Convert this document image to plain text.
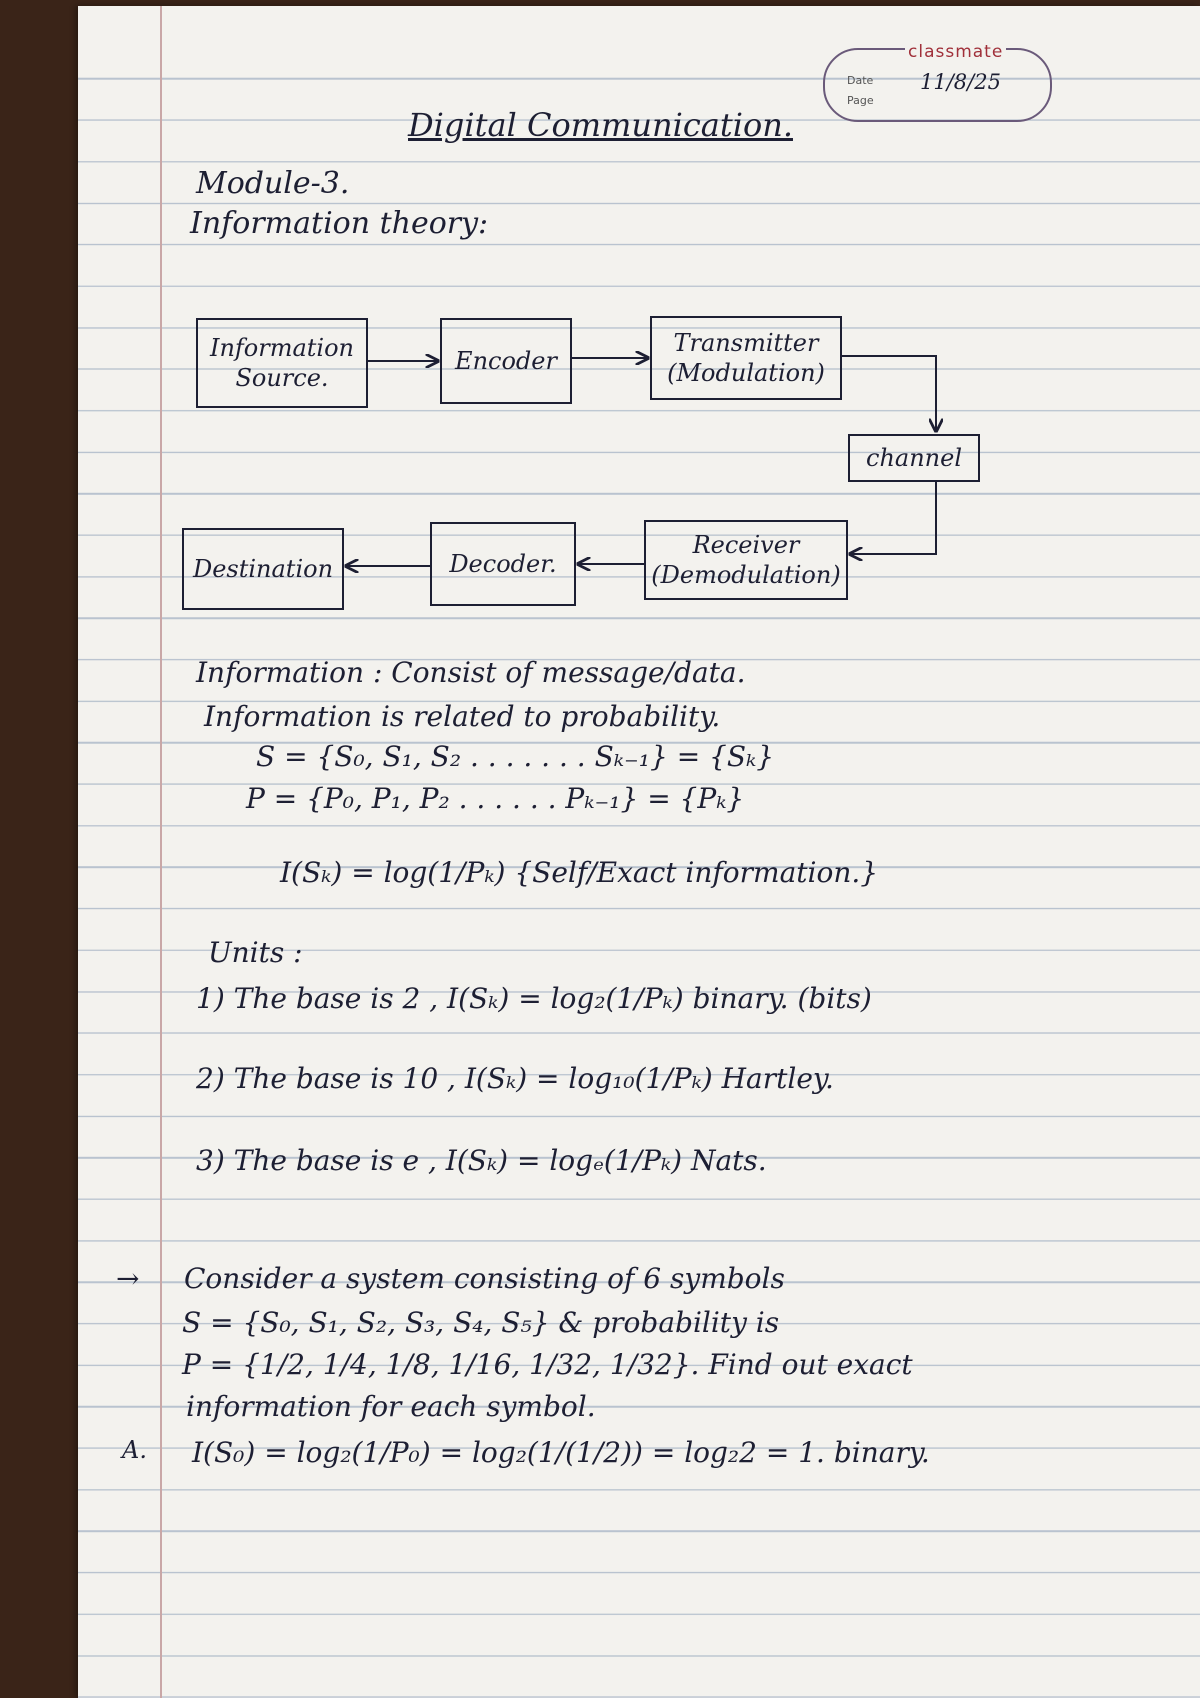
classmate
Date
Page
11/8/25
Digital Communication.
Module-3.
Information theory:
Information
Source.
Encoder
Transmitter
(Modulation)
channel
Receiver
(Demodulation)
Decoder.
Destination
Information : Consist of message/data.
Information is related to probability.
S = {S₀, S₁, S₂ . . . . . . . Sₖ₋₁} = {Sₖ}
P = {P₀, P₁, P₂ . . . . . . Pₖ₋₁} = {Pₖ}
I(Sₖ) = log(1/Pₖ) {Self/Exact information.}
Units :
1) The base is 2 , I(Sₖ) = log₂(1/Pₖ) binary. (bits)
2) The base is 10 , I(Sₖ) = log₁₀(1/Pₖ) Hartley.
3) The base is e , I(Sₖ) = logₑ(1/Pₖ) Nats.
→ Consider a system consisting of 6 symbols
S = {S₀, S₁, S₂, S₃, S₄, S₅} & probability is
P = {1/2, 1/4, 1/8, 1/16, 1/32, 1/32}. Find out exact
information for each symbol.
A. I(S₀) = log₂(1/P₀) = log₂(1/(1/2)) = log₂2 = 1. binary.
